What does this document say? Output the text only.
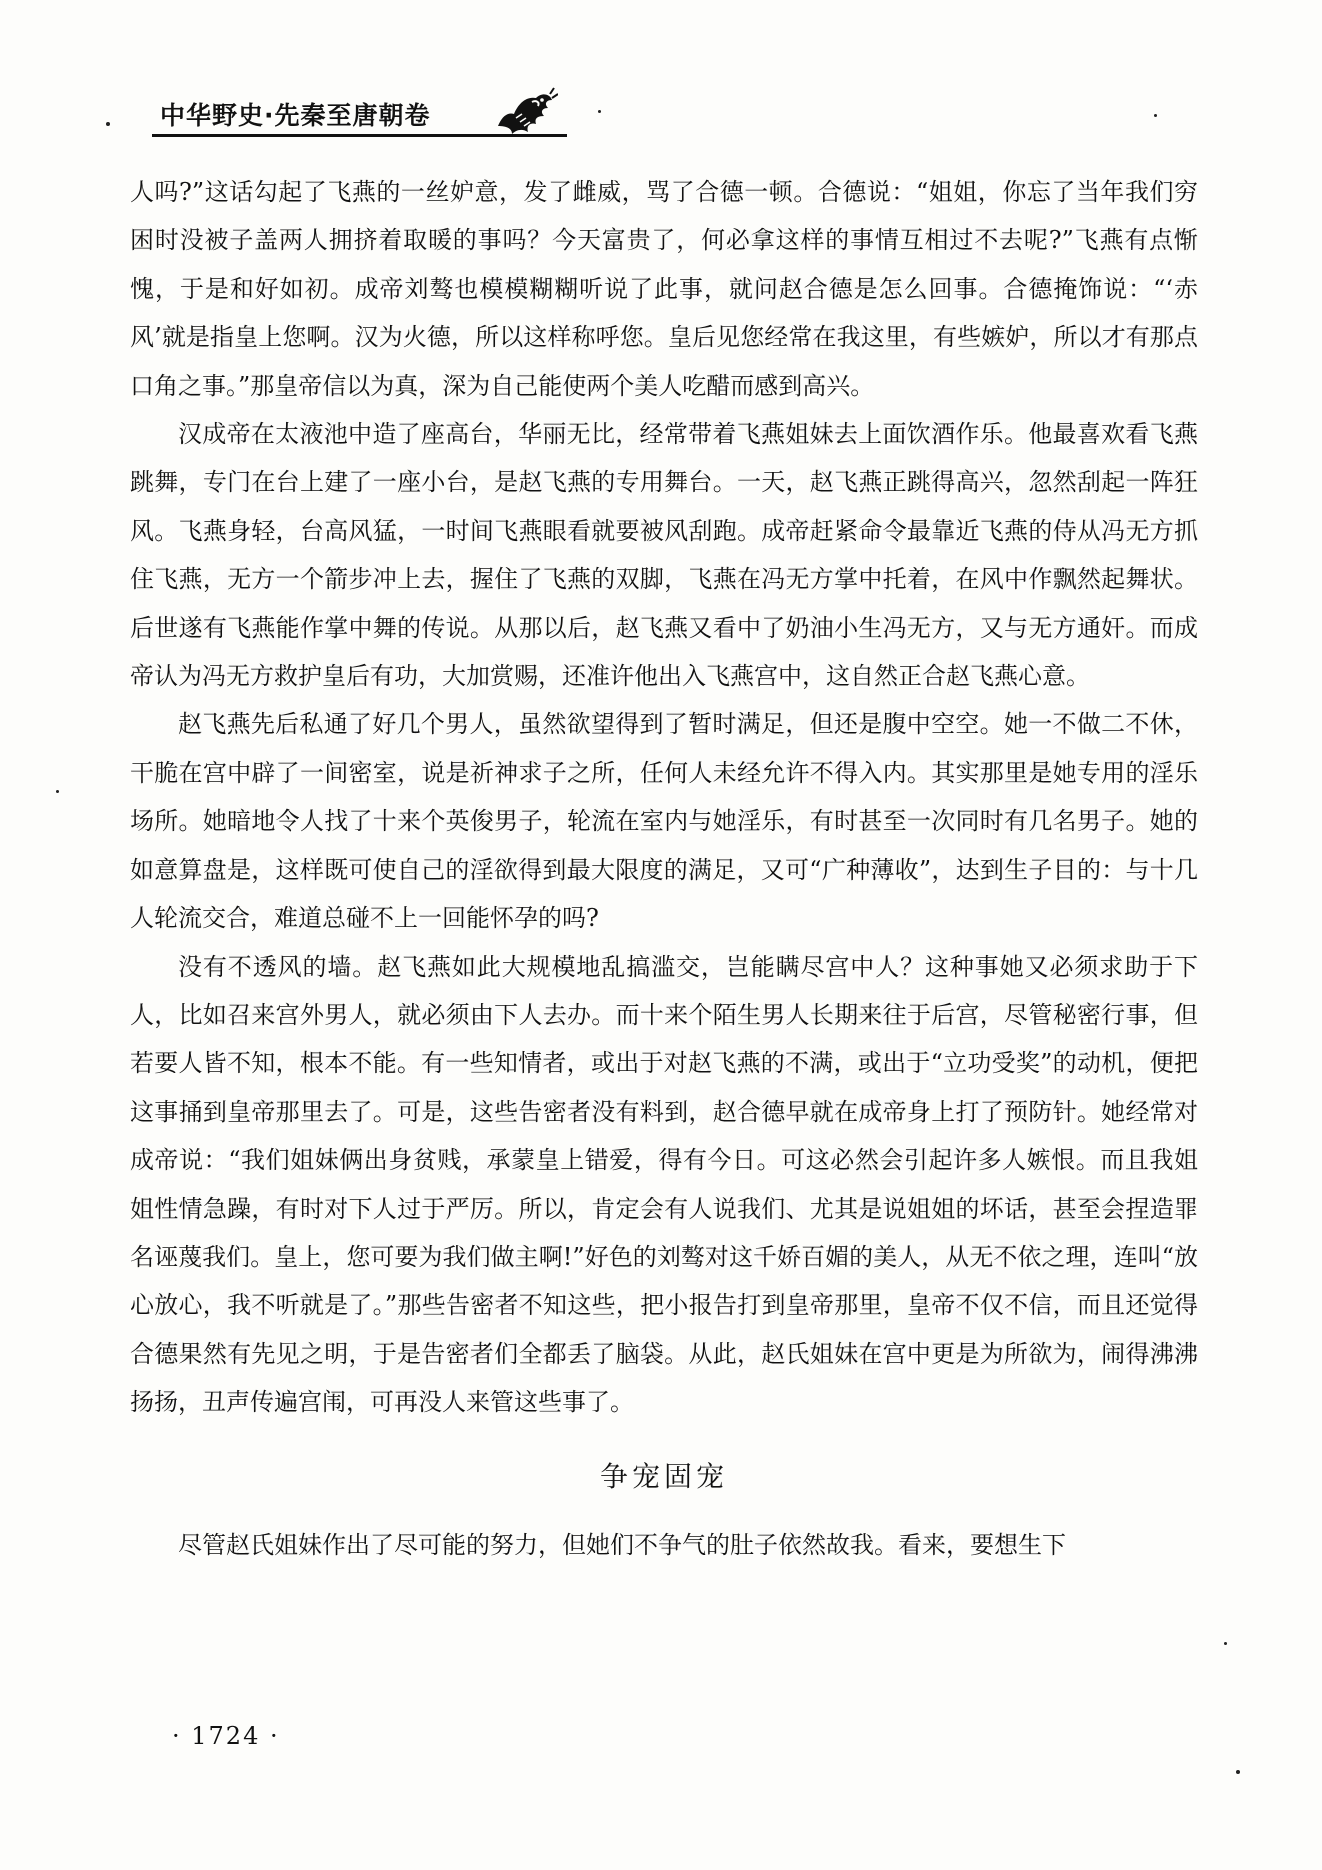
中华野史·先秦至唐朝卷

人吗?”这话勾起了飞燕的一丝妒意，发了雌威，骂了合德一顿。合德说：“姐姐，你忘了当年我们穷困时没被子盖两人拥挤着取暖的事吗？今天富贵了，何必拿这样的事情互相过不去呢?”飞燕有点惭愧，于是和好如初。成帝刘骜也模模糊糊听说了此事，就问赵合德是怎么回事。合德掩饰说：“‘赤风’就是指皇上您啊。汉为火德，所以这样称呼您。皇后见您经常在我这里，有些嫉妒，所以才有那点口角之事。”那皇帝信以为真，深为自己能使两个美人吃醋而感到高兴。

汉成帝在太液池中造了座高台，华丽无比，经常带着飞燕姐妹去上面饮酒作乐。他最喜欢看飞燕跳舞，专门在台上建了一座小台，是赵飞燕的专用舞台。一天，赵飞燕正跳得高兴，忽然刮起一阵狂风。飞燕身轻，台高风猛，一时间飞燕眼看就要被风刮跑。成帝赶紧命令最靠近飞燕的侍从冯无方抓住飞燕，无方一个箭步冲上去，握住了飞燕的双脚，飞燕在冯无方掌中托着，在风中作飘然起舞状。后世遂有飞燕能作掌中舞的传说。从那以后，赵飞燕又看中了奶油小生冯无方，又与无方通奸。而成帝认为冯无方救护皇后有功，大加赏赐，还准许他出入飞燕宫中，这自然正合赵飞燕心意。

赵飞燕先后私通了好几个男人，虽然欲望得到了暂时满足，但还是腹中空空。她一不做二不休，干脆在宫中辟了一间密室，说是祈神求子之所，任何人未经允许不得入内。其实那里是她专用的淫乐场所。她暗地令人找了十来个英俊男子，轮流在室内与她淫乐，有时甚至一次同时有几名男子。她的如意算盘是，这样既可使自己的淫欲得到最大限度的满足，又可“广种薄收”，达到生子目的：与十几人轮流交合，难道总碰不上一回能怀孕的吗?

没有不透风的墙。赵飞燕如此大规模地乱搞滥交，岂能瞒尽宫中人？这种事她又必须求助于下人，比如召来宫外男人，就必须由下人去办。而十来个陌生男人长期来往于后宫，尽管秘密行事，但若要人皆不知，根本不能。有一些知情者，或出于对赵飞燕的不满，或出于“立功受奖”的动机，便把这事捅到皇帝那里去了。可是，这些告密者没有料到，赵合德早就在成帝身上打了预防针。她经常对成帝说：“我们姐妹俩出身贫贱，承蒙皇上错爱，得有今日。可这必然会引起许多人嫉恨。而且我姐姐性情急躁，有时对下人过于严厉。所以，肯定会有人说我们、尤其是说姐姐的坏话，甚至会捏造罪名诬蔑我们。皇上，您可要为我们做主啊!”好色的刘骜对这千娇百媚的美人，从无不依之理，连叫“放心放心，我不听就是了。”那些告密者不知这些，把小报告打到皇帝那里，皇帝不仅不信，而且还觉得合德果然有先见之明，于是告密者们全都丢了脑袋。从此，赵氏姐妹在宫中更是为所欲为，闹得沸沸扬扬，丑声传遍宫闱，可再没人来管这些事了。

争宠固宠

尽管赵氏姐妹作出了尽可能的努力，但她们不争气的肚子依然故我。看来，要想生下

· 1724 ·
